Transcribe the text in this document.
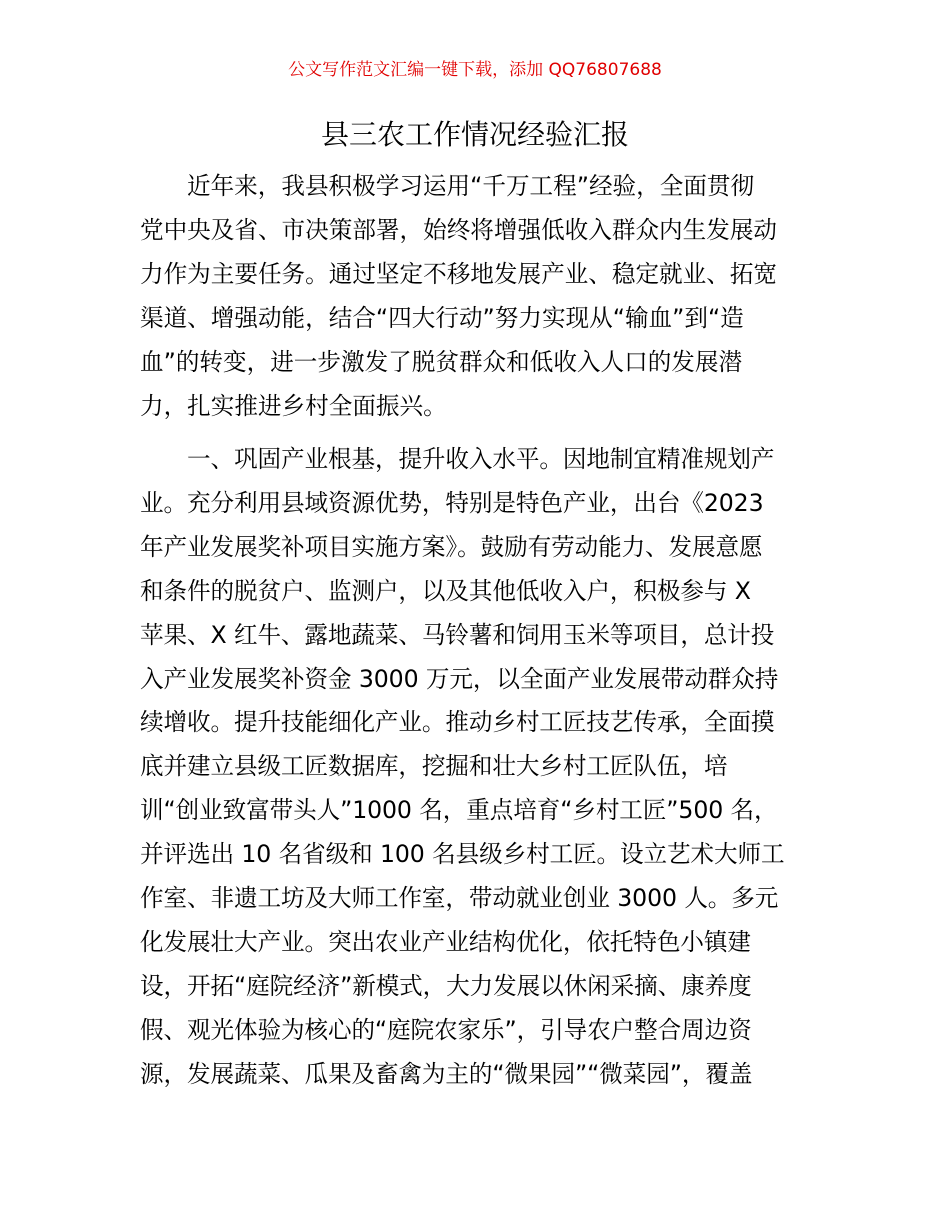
公文写作范文汇编一键下载，添加 QQ76807688
县三农工作情况经验汇报
近年来，我县积极学习运用“千万工程”经验，全面贯彻
党中央及省、市决策部署，始终将增强低收入群众内生发展动
力作为主要任务。通过坚定不移地发展产业、稳定就业、拓宽
渠道、增强动能，结合“四大行动”努力实现从“输血”到“造
血”的转变，进一步激发了脱贫群众和低收入人口的发展潜
力，扎实推进乡村全面振兴。
一、巩固产业根基，提升收入水平。因地制宜精准规划产
业。充分利用县域资源优势，特别是特色产业，出台《2023
年产业发展奖补项目实施方案》。鼓励有劳动能力、发展意愿
和条件的脱贫户、监测户，以及其他低收入户，积极参与 X
苹果、X 红牛、露地蔬菜、马铃薯和饲用玉米等项目，总计投
入产业发展奖补资金 3000 万元，以全面产业发展带动群众持
续增收。提升技能细化产业。推动乡村工匠技艺传承，全面摸
底并建立县级工匠数据库，挖掘和壮大乡村工匠队伍，培
训“创业致富带头人”1000 名，重点培育“乡村工匠”500 名，
并评选出 10 名省级和 100 名县级乡村工匠。设立艺术大师工
作室、非遗工坊及大师工作室，带动就业创业 3000 人。多元
化发展壮大产业。突出农业产业结构优化，依托特色小镇建
设，开拓“庭院经济”新模式，大力发展以休闲采摘、康养度
假、观光体验为核心的“庭院农家乐”，引导农户整合周边资
源，发展蔬菜、瓜果及畜禽为主的“微果园”“微菜园”，覆盖
